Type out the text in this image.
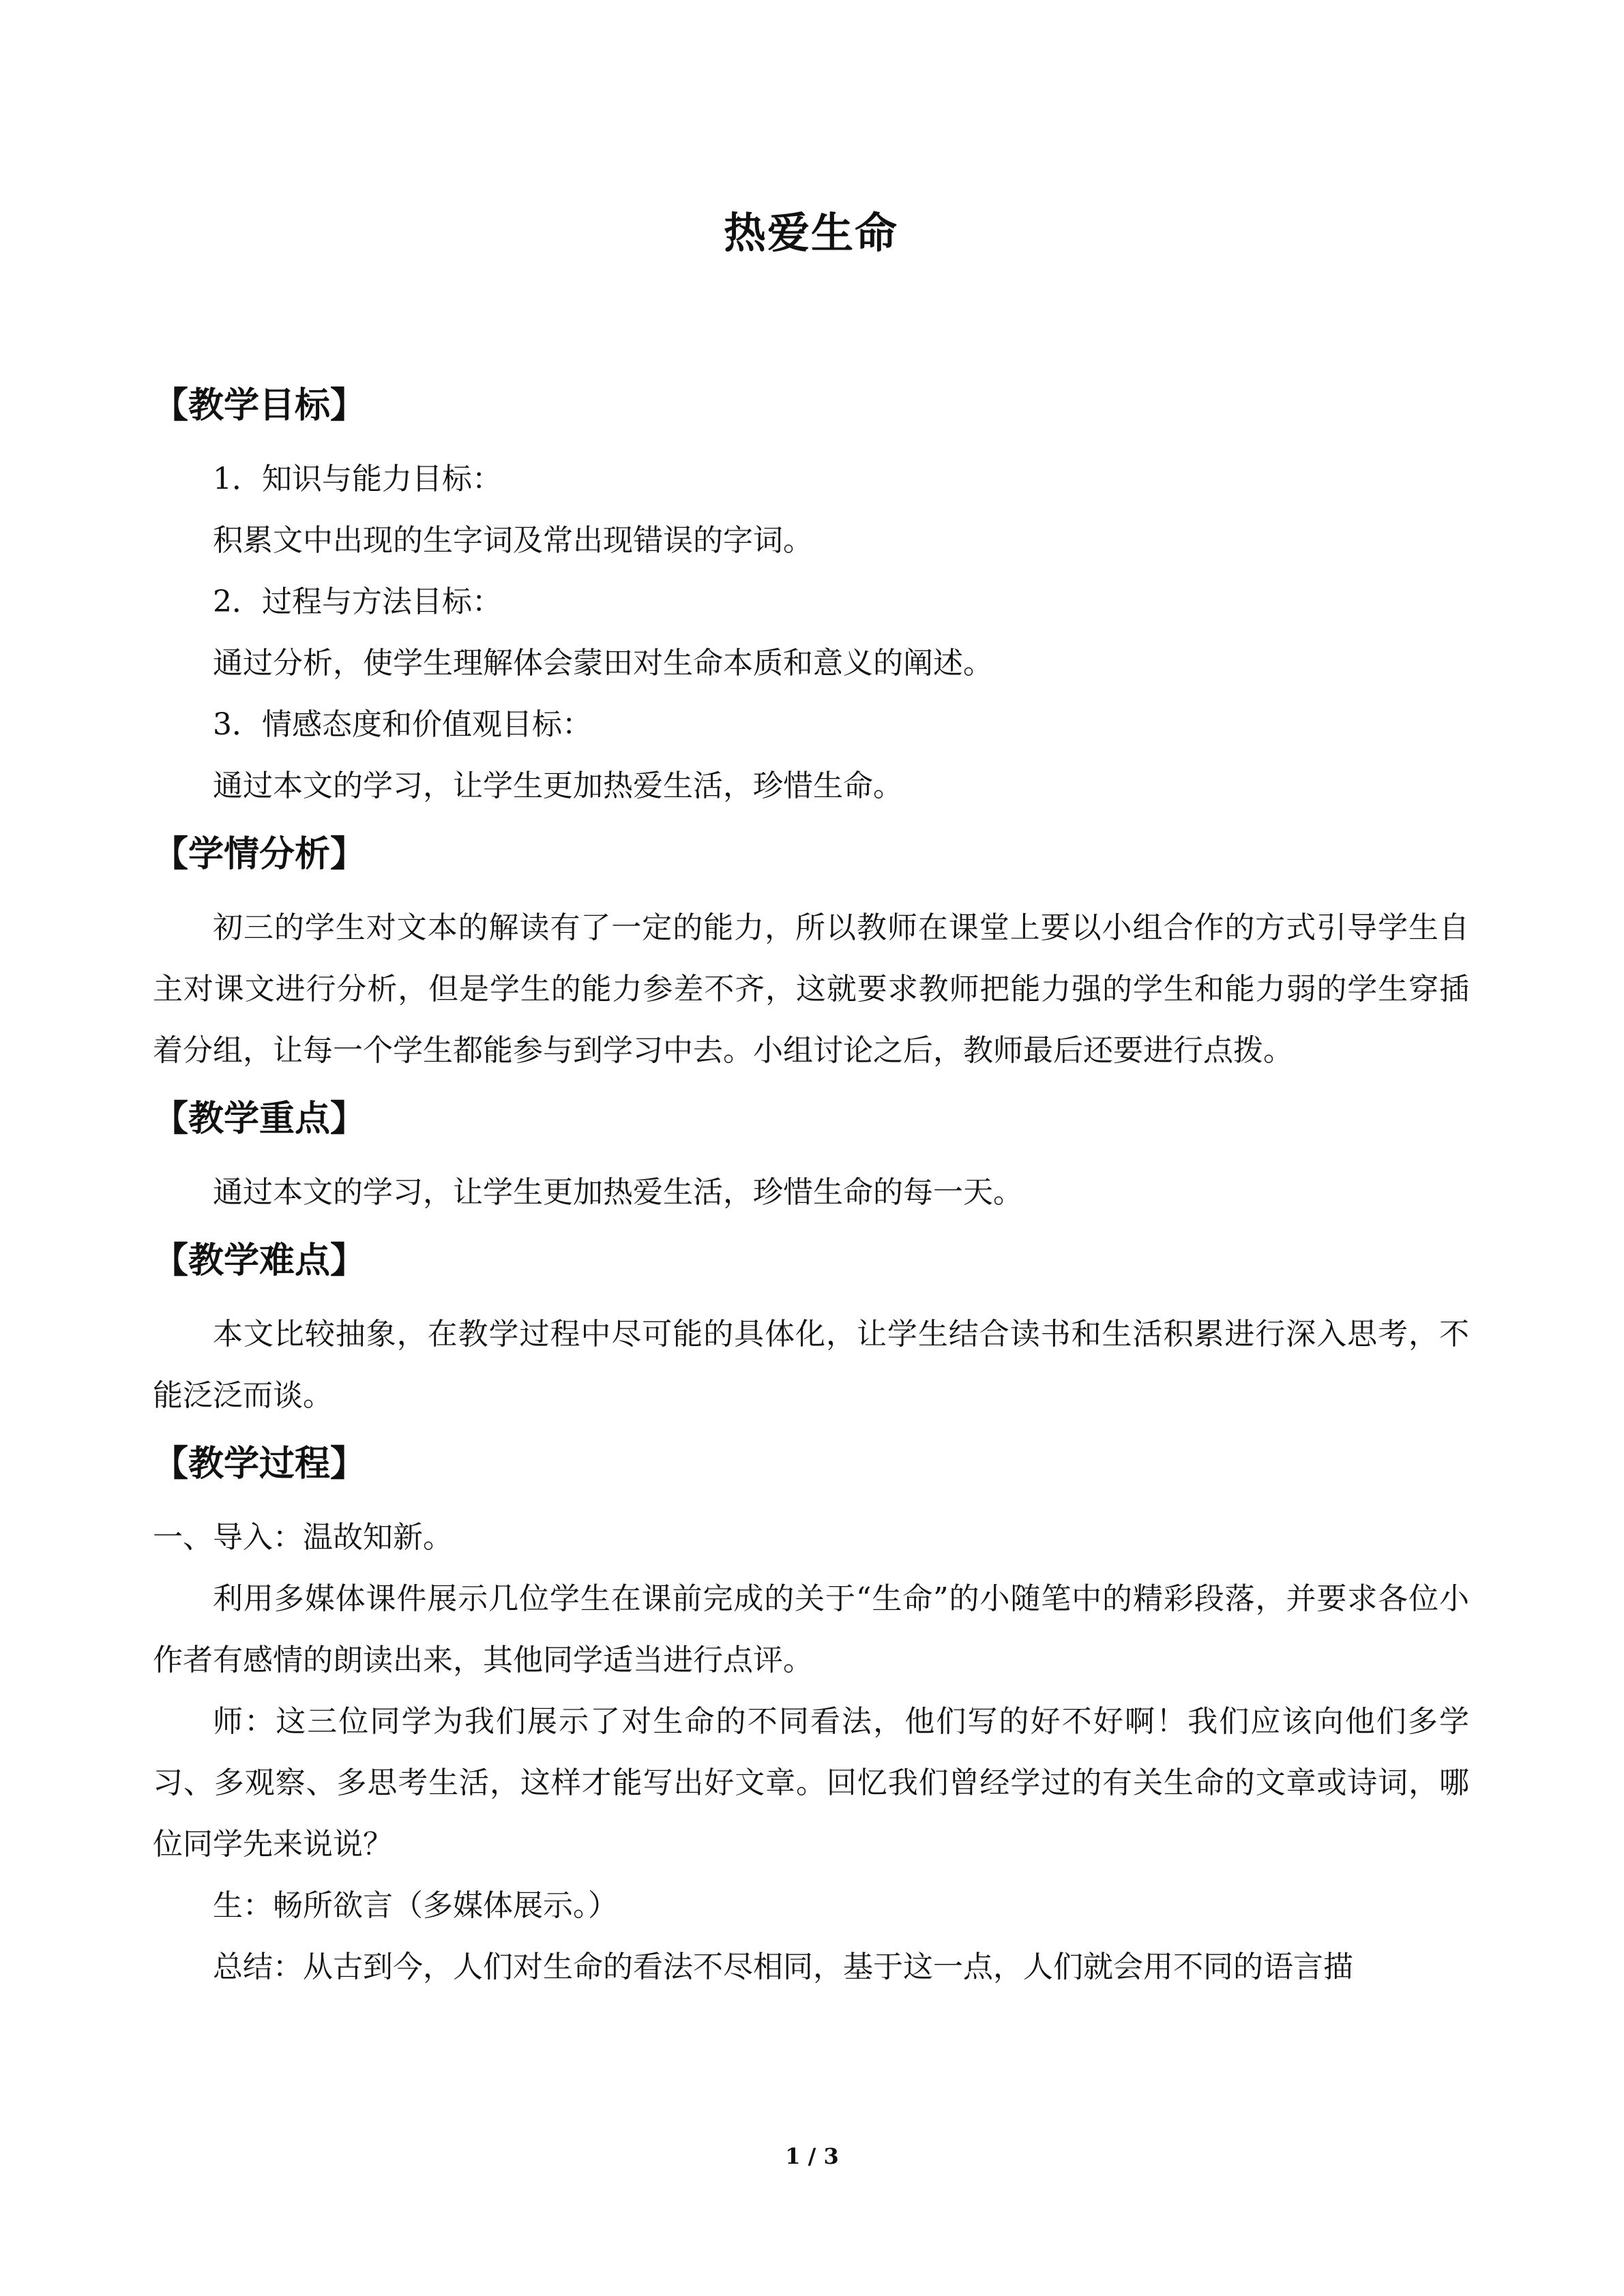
热爱生命
【教学目标】

1．知识与能力目标：

积累文中出现的生字词及常出现错误的字词。

2．过程与方法目标：

通过分析，使学生理解体会蒙田对生命本质和意义的阐述。

3．情感态度和价值观目标：

通过本文的学习，让学生更加热爱生活，珍惜生命。

【学情分析】

初三的学生对文本的解读有了一定的能力，所以教师在课堂上要以小组合作的方式引导学生自主对课文进行分析，但是学生的能力参差不齐，这就要求教师把能力强的学生和能力弱的学生穿插着分组，让每一个学生都能参与到学习中去。小组讨论之后，教师最后还要进行点拨。

【教学重点】

通过本文的学习，让学生更加热爱生活，珍惜生命的每一天。

【教学难点】

本文比较抽象，在教学过程中尽可能的具体化，让学生结合读书和生活积累进行深入思考，不能泛泛而谈。

【教学过程】

一、导入：温故知新。

利用多媒体课件展示几位学生在课前完成的关于“生命”的小随笔中的精彩段落，并要求各位小作者有感情的朗读出来，其他同学适当进行点评。

师：这三位同学为我们展示了对生命的不同看法，他们写的好不好啊！我们应该向他们多学习、多观察、多思考生活，这样才能写出好文章。回忆我们曾经学过的有关生命的文章或诗词，哪位同学先来说说？

生：畅所欲言（多媒体展示。）

总结：从古到今，人们对生命的看法不尽相同，基于这一点，人们就会用不同的语言描

1 / 3
